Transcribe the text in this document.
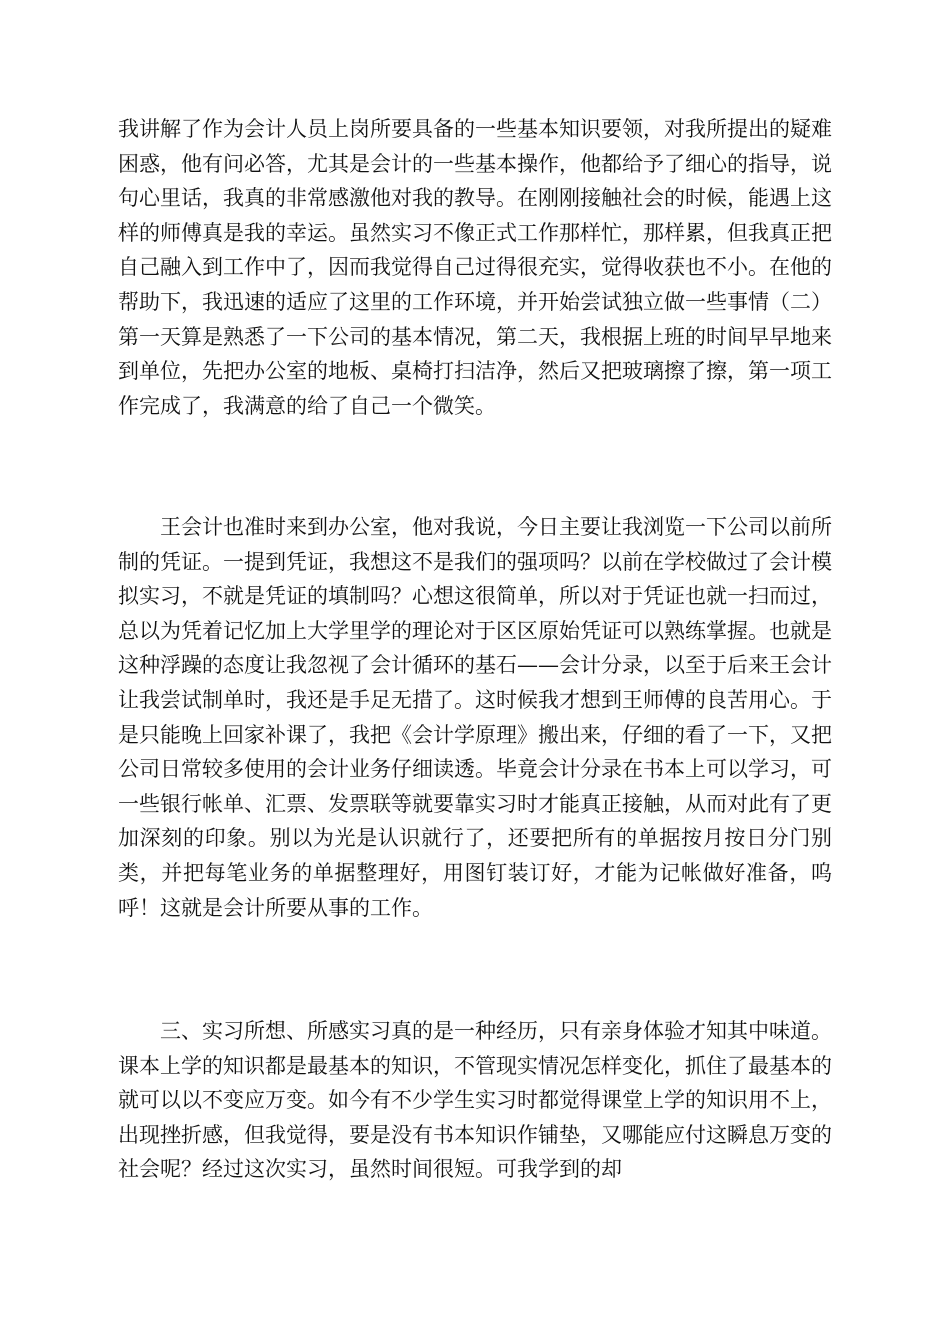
我讲解了作为会计人员上岗所要具备的一些基本知识要领，对我所提出的疑难困惑，他有问必答，尤其是会计的一些基本操作，他都给予了细心的指导，说句心里话，我真的非常感激他对我的教导。在刚刚接触社会的时候，能遇上这样的师傅真是我的幸运。虽然实习不像正式工作那样忙，那样累，但我真正把自己融入到工作中了，因而我觉得自己过得很充实，觉得收获也不小。在他的帮助下，我迅速的适应了这里的工作环境，并开始尝试独立做一些事情（二）第一天算是熟悉了一下公司的基本情况，第二天，我根据上班的时间早早地来到单位，先把办公室的地板、桌椅打扫洁净，然后又把玻璃擦了擦，第一项工作完成了，我满意的给了自己一个微笑。

王会计也准时来到办公室，他对我说，今日主要让我浏览一下公司以前所制的凭证。一提到凭证，我想这不是我们的强项吗？以前在学校做过了会计模拟实习，不就是凭证的填制吗？心想这很简单，所以对于凭证也就一扫而过，总以为凭着记忆加上大学里学的理论对于区区原始凭证可以熟练掌握。也就是这种浮躁的态度让我忽视了会计循环的基石——会计分录，以至于后来王会计让我尝试制单时，我还是手足无措了。这时候我才想到王师傅的良苦用心。于是只能晚上回家补课了，我把《会计学原理》搬出来，仔细的看了一下，又把公司日常较多使用的会计业务仔细读透。毕竟会计分录在书本上可以学习，可一些银行帐单、汇票、发票联等就要靠实习时才能真正接触，从而对此有了更加深刻的印象。别以为光是认识就行了，还要把所有的单据按月按日分门别类，并把每笔业务的单据整理好，用图钉装订好，才能为记帐做好准备，呜呼！这就是会计所要从事的工作。

三、实习所想、所感实习真的是一种经历，只有亲身体验才知其中味道。课本上学的知识都是最基本的知识，不管现实情况怎样变化，抓住了最基本的就可以以不变应万变。如今有不少学生实习时都觉得课堂上学的知识用不上，出现挫折感，但我觉得，要是没有书本知识作铺垫，又哪能应付这瞬息万变的社会呢？经过这次实习，虽然时间很短。可我学到的却
